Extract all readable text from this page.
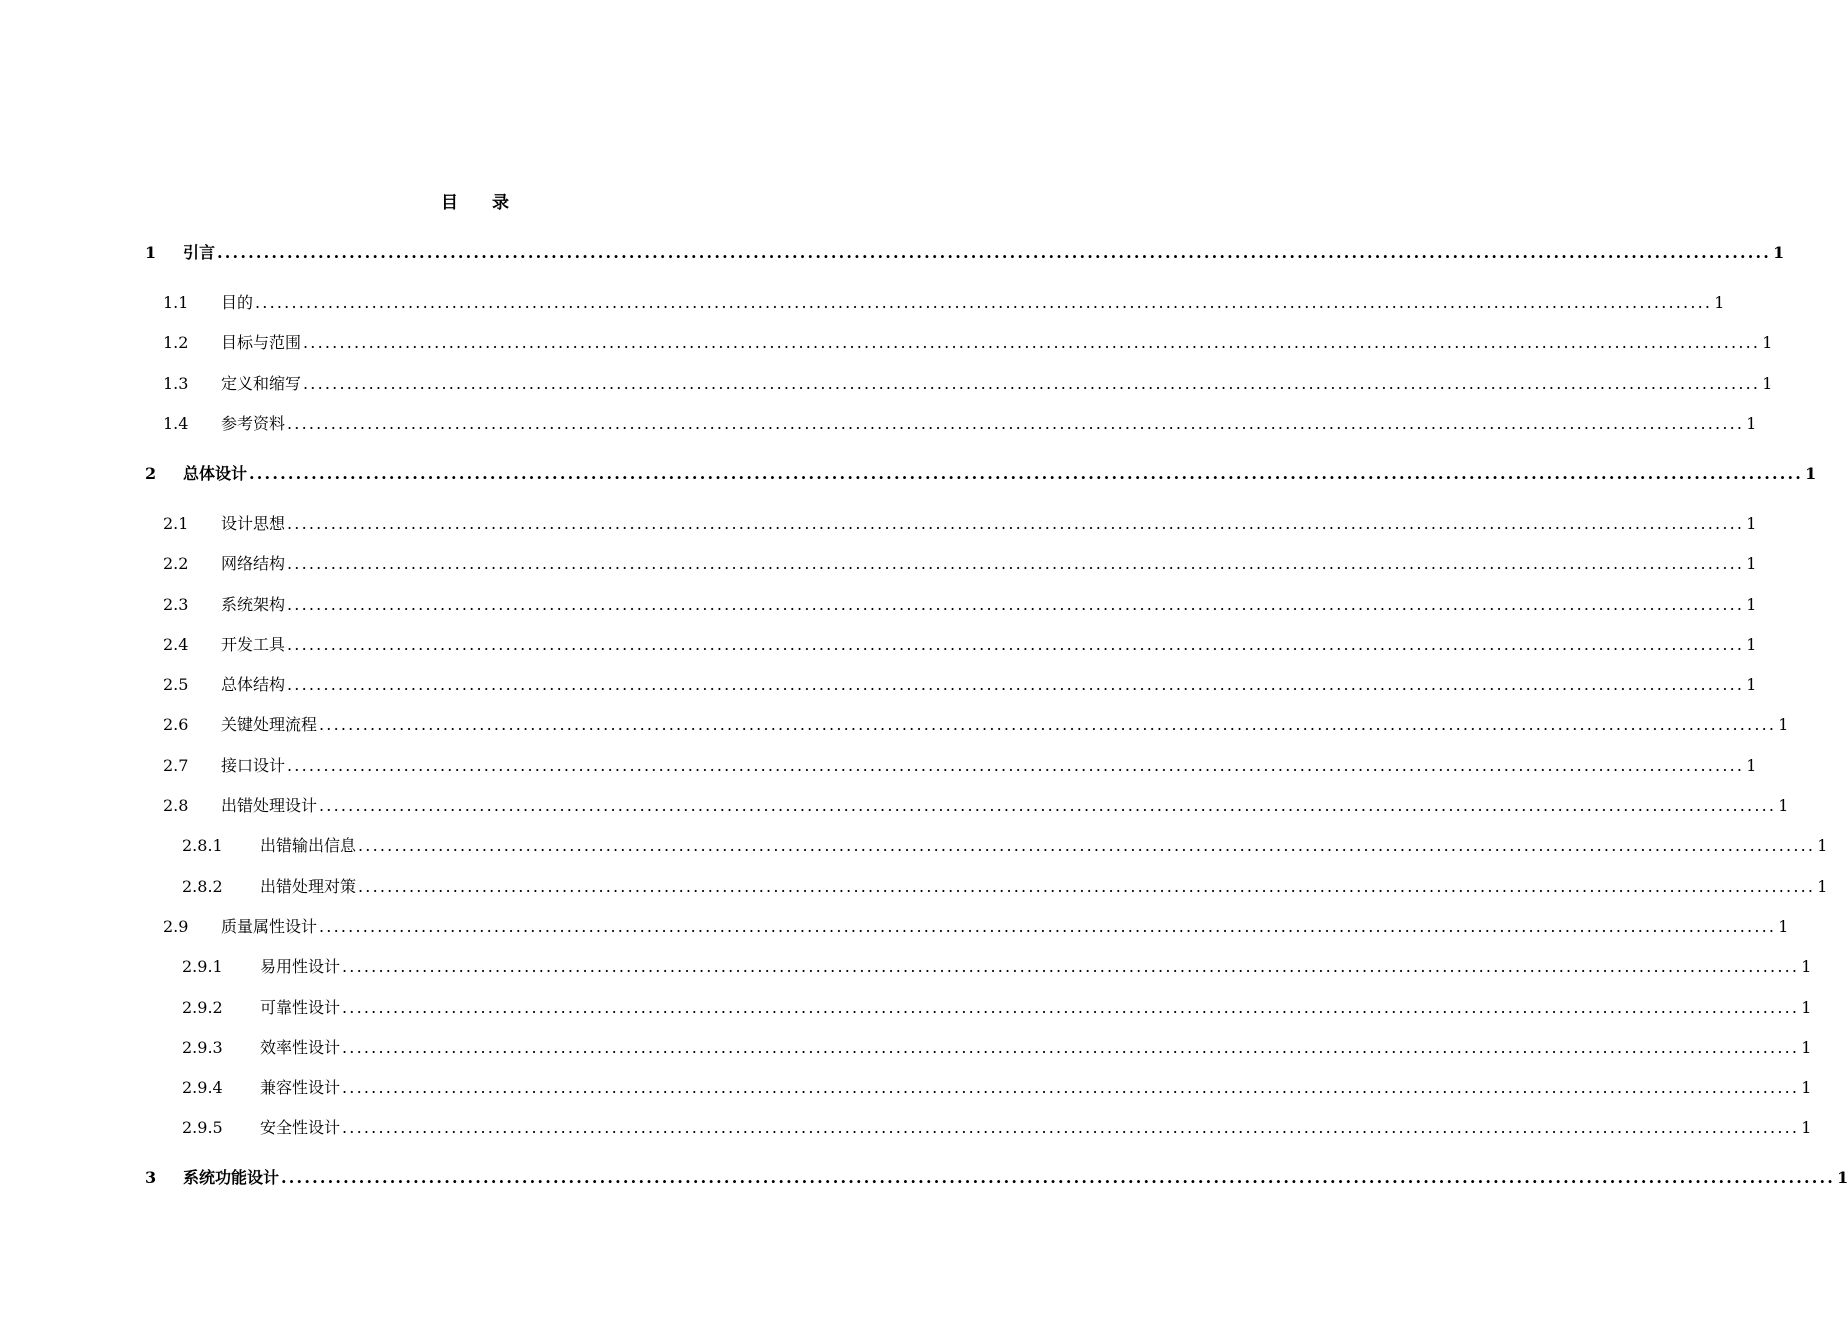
目 录
1	引言 ........................................................................................................................................................................................................ 1
1.1	目的 ........................................................................................................................................................................................................ 1
1.2	目标与范围 ........................................................................................................................................................................................................ 1
1.3	定义和缩写 ........................................................................................................................................................................................................ 1
1.4	参考资料 ........................................................................................................................................................................................................ 1
2	总体设计 ........................................................................................................................................................................................................ 1
2.1	设计思想 ........................................................................................................................................................................................................ 1
2.2	网络结构 ........................................................................................................................................................................................................ 1
2.3	系统架构 ........................................................................................................................................................................................................ 1
2.4	开发工具 ........................................................................................................................................................................................................ 1
2.5	总体结构 ........................................................................................................................................................................................................ 1
2.6	关键处理流程 ........................................................................................................................................................................................................ 1
2.7	接口设计 ........................................................................................................................................................................................................ 1
2.8	出错处理设计 ........................................................................................................................................................................................................ 1
2.8.1	出错输出信息 ........................................................................................................................................................................................................ 1
2.8.2	出错处理对策 ........................................................................................................................................................................................................ 1
2.9	质量属性设计 ........................................................................................................................................................................................................ 1
2.9.1	易用性设计 ........................................................................................................................................................................................................ 1
2.9.2	可靠性设计 ........................................................................................................................................................................................................ 1
2.9.3	效率性设计 ........................................................................................................................................................................................................ 1
2.9.4	兼容性设计 ........................................................................................................................................................................................................ 1
2.9.5	安全性设计 ........................................................................................................................................................................................................ 1
3	系统功能设计 ........................................................................................................................................................................................................ 1
